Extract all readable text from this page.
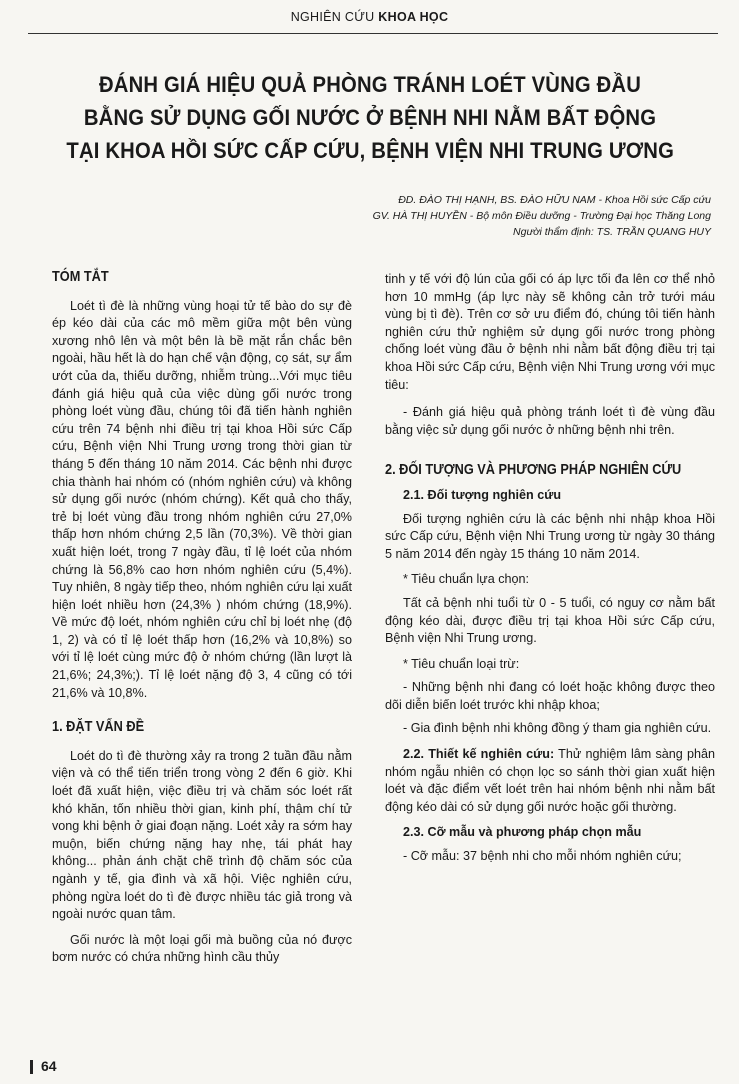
NGHIÊN CỨU KHOA HỌC
ĐÁNH GIÁ HIỆU QUẢ PHÒNG TRÁNH LOÉT VÙNG ĐẦU
BẰNG SỬ DỤNG GỐI NƯỚC Ở BỆNH NHI NẰM BẤT ĐỘNG
TẠI KHOA HỒI SỨC CẤP CỨU, BỆNH VIỆN NHI TRUNG ƯƠNG
ĐD. ĐÀO THỊ HẠNH, BS. ĐÀO HỮU NAM - Khoa Hồi sức Cấp cứu
GV. HÀ THỊ HUYỀN - Bộ môn Điều dưỡng - Trường Đại học Thăng Long
Người thẩm định: TS. TRẦN QUANG HUY
TÓM TẮT

Loét tì đè là những vùng hoại tử tế bào do sự đè ép kéo dài của các mô mềm giữa một bên vùng xương nhô lên và một bên là bề mặt rắn chắc bên ngoài, hầu hết là do hạn chế vận động, cọ sát, sự ẩm ướt của da, thiếu dưỡng, nhiễm trùng...Với mục tiêu đánh giá hiệu quả của việc dùng gối nước trong phòng loét vùng đầu, chúng tôi đã tiến hành nghiên cứu trên 74 bệnh nhi điều trị tại khoa Hồi sức Cấp cứu, Bệnh viện Nhi Trung ương trong thời gian từ tháng 5 đến tháng 10 năm 2014. Các bệnh nhi được chia thành hai nhóm có (nhóm nghiên cứu) và không sử dụng gối nước (nhóm chứng). Kết quả cho thấy, trẻ bị loét vùng đầu trong nhóm nghiên cứu 27,0% thấp hơn nhóm chứng 2,5 lần (70,3%). Về thời gian xuất hiện loét, trong 7 ngày đầu, tỉ lệ loét của nhóm chứng là 56,8% cao hơn nhóm nghiên cứu (5,4%). Tuy nhiên, 8 ngày tiếp theo, nhóm nghiên cứu lại xuất hiện loét nhiều hơn (24,3% ) nhóm chứng (18,9%). Về mức độ loét, nhóm nghiên cứu chỉ bị loét nhẹ (độ 1, 2) và có tỉ lệ loét thấp hơn (16,2% và 10,8%) so với tỉ lệ loét cùng mức độ ở nhóm chứng (lần lượt là 21,6%; 24,3%;). Tỉ lệ loét nặng độ 3, 4 cũng có tới 21,6% và 10,8%.

1. ĐẶT VẤN ĐỀ

Loét do tì đè thường xảy ra trong 2 tuần đầu nằm viện và có thể tiến triển trong vòng 2 đến 6 giờ. Khi loét đã xuất hiện, việc điều trị và chăm sóc loét rất khó khăn, tốn nhiều thời gian, kinh phí, thậm chí tử vong khi bệnh ở giai đoạn nặng. Loét xảy ra sớm hay muộn, biến chứng nặng hay nhẹ, tái phát hay không... phản ánh chặt chẽ trình độ chăm sóc của ngành y tế, gia đình và xã hội. Việc nghiên cứu, phòng ngừa loét do tì đè được nhiều tác giả trong và ngoài nước quan tâm.

Gối nước là một loại gối mà buồng của nó được bơm nước có chứa những hình cầu thủy

tinh y tế với độ lún của gối có áp lực tối đa lên cơ thể nhỏ hơn 10 mmHg (áp lực này sẽ không cản trở tưới máu vùng bị tì đè). Trên cơ sở ưu điểm đó, chúng tôi tiến hành nghiên cứu thử nghiệm sử dụng gối nước trong phòng chống loét vùng đầu ở bệnh nhi nằm bất động điều trị tại khoa Hồi sức Cấp cứu, Bệnh viện Nhi Trung ương với mục tiêu:

- Đánh giá hiệu quả phòng tránh loét tì đè vùng đầu bằng việc sử dụng gối nước ở những bệnh nhi trên.

2. ĐỐI TƯỢNG VÀ PHƯƠNG PHÁP NGHIÊN CỨU

2.1. Đối tượng nghiên cứu

Đối tượng nghiên cứu là các bệnh nhi nhập khoa Hồi sức Cấp cứu, Bệnh viện Nhi Trung ương từ ngày 30 tháng 5 năm 2014 đến ngày 15 tháng 10 năm 2014.

* Tiêu chuẩn lựa chọn:

Tất cả bệnh nhi tuổi từ 0 - 5 tuổi, có nguy cơ nằm bất động kéo dài, được điều trị tại khoa Hồi sức Cấp cứu, Bệnh viện Nhi Trung ương.

* Tiêu chuẩn loại trừ:

- Những bệnh nhi đang có loét hoặc không được theo dõi diễn biến loét trước khi nhập khoa;

- Gia đình bệnh nhi không đồng ý tham gia nghiên cứu.

2.2. Thiết kế nghiên cứu: Thử nghiệm lâm sàng phân nhóm ngẫu nhiên có chọn lọc so sánh thời gian xuất hiện loét và đặc điểm vết loét trên hai nhóm bệnh nhi nằm bất động kéo dài có sử dụng gối nước hoặc gối thường.

2.3. Cỡ mẫu và phương pháp chọn mẫu

- Cỡ mẫu: 37 bệnh nhi cho mỗi nhóm nghiên cứu;

64
